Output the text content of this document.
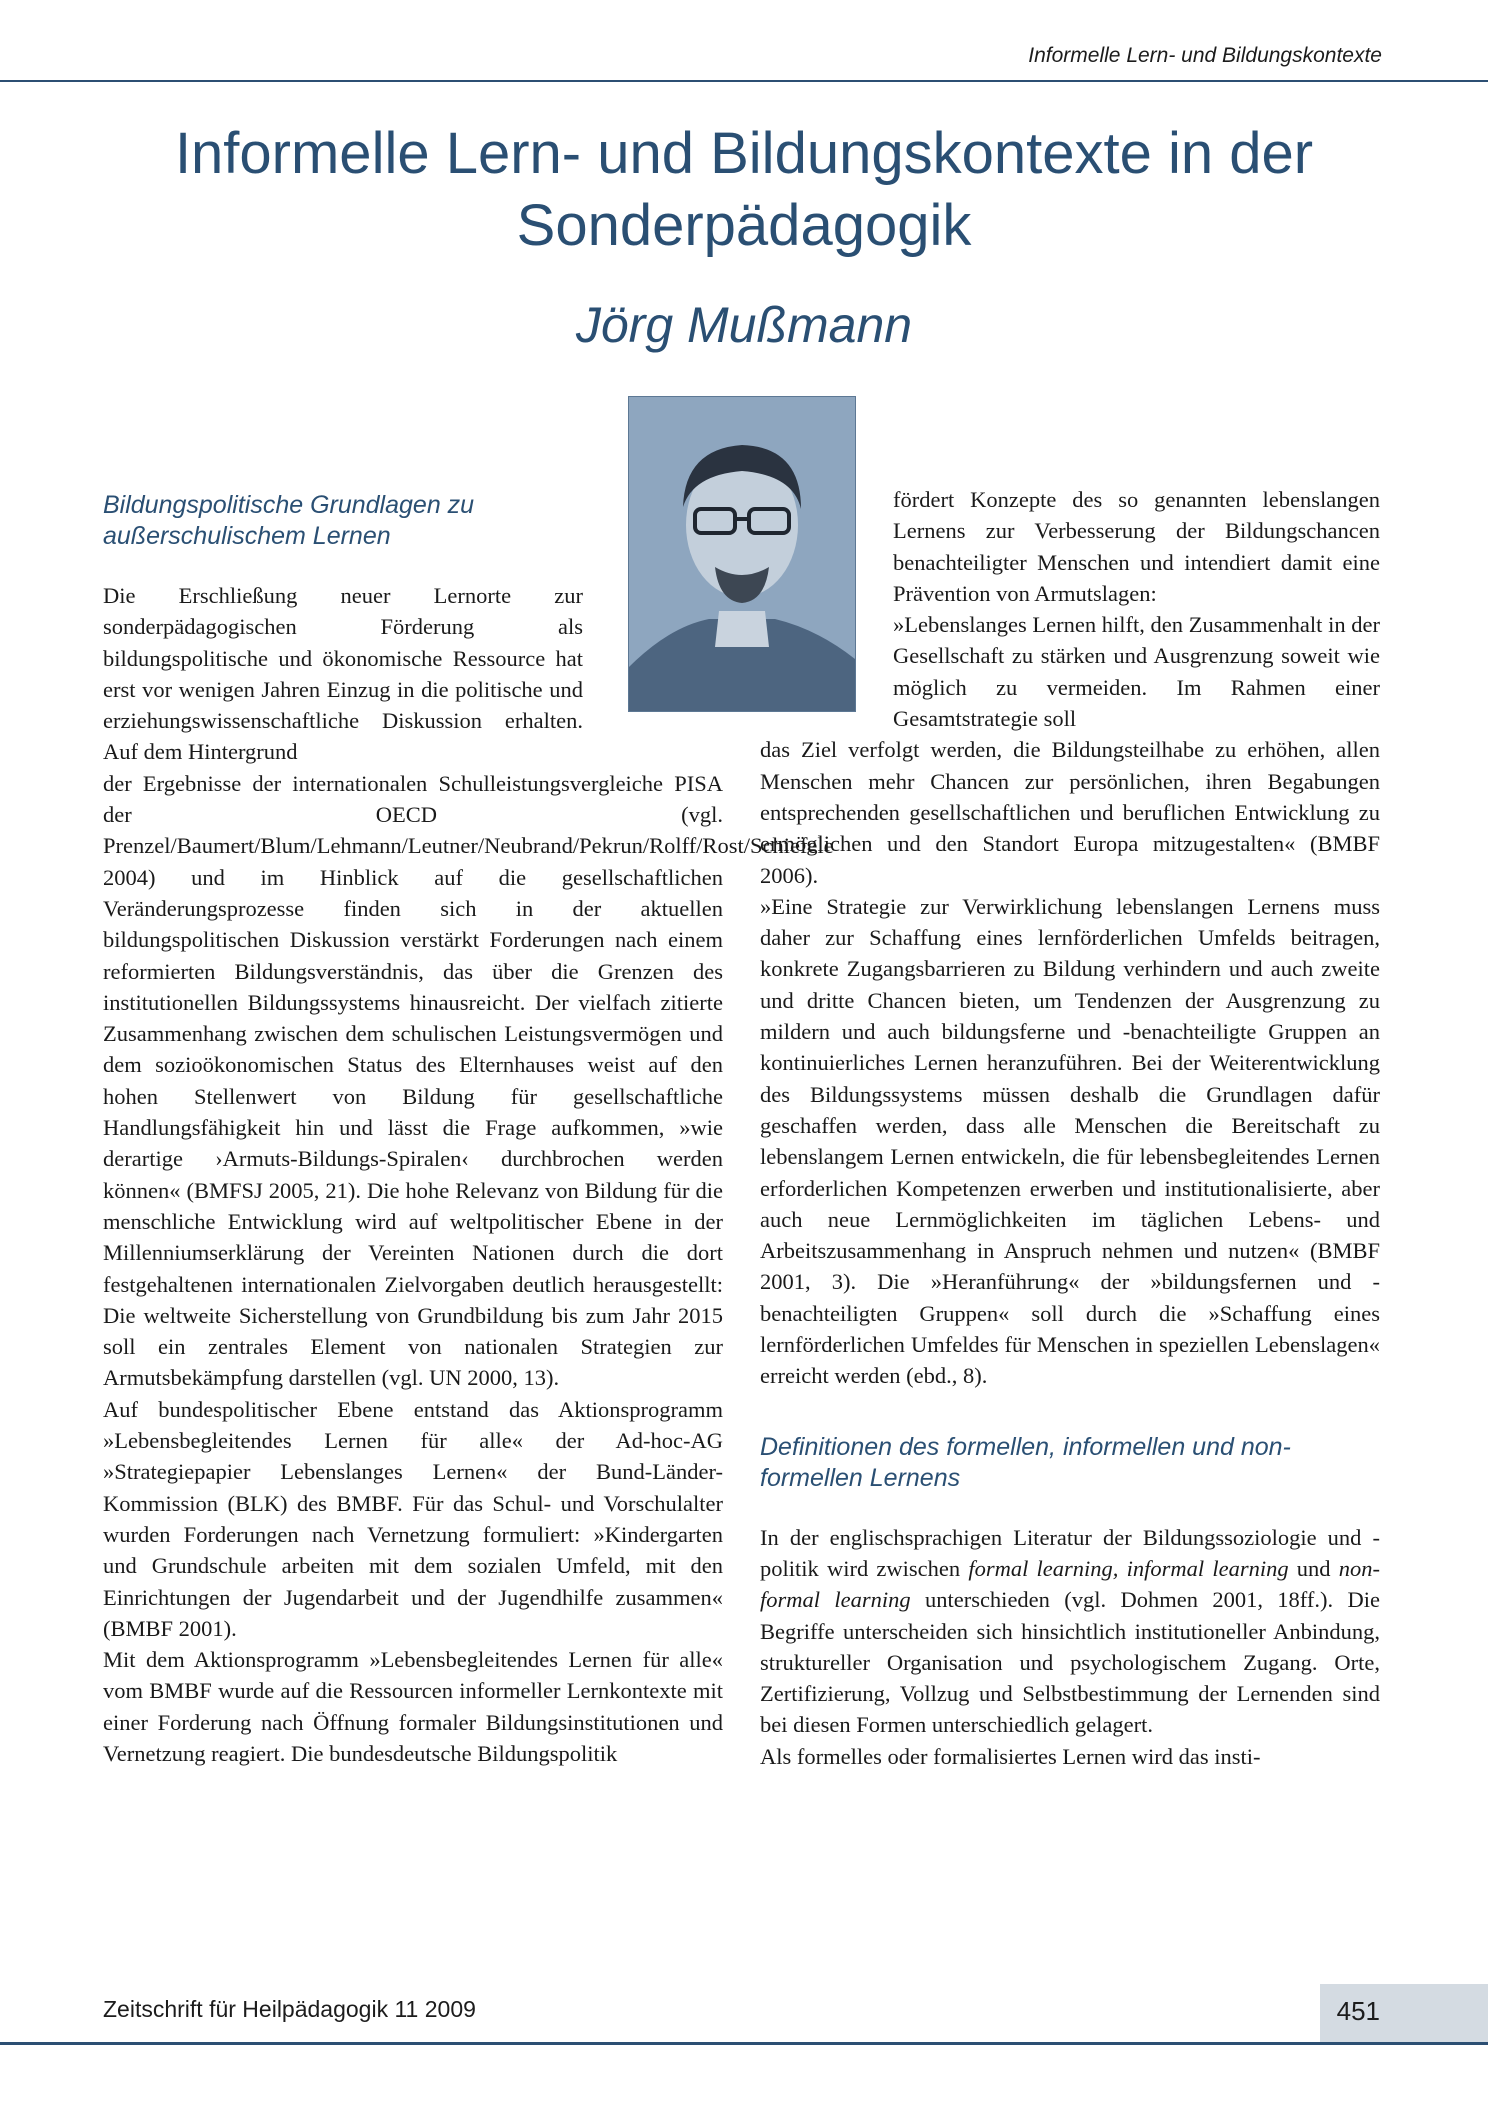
Informelle Lern- und Bildungskontexte
Informelle Lern- und Bildungskontexte in der
Sonderpädagogik
Jörg Mußmann
Bildungspolitische Grundlagen zu
außerschulischem Lernen

Die Erschließung neuer Lernorte zur sonderpädagogischen Förderung als bildungspolitische und ökonomische Ressource hat erst vor wenigen Jahren Einzug in die politische und erziehungswissenschaftliche Diskussion erhalten. Auf dem Hintergrund

der Ergebnisse der internationalen Schulleistungsvergleiche PISA der OECD (vgl. Prenzel/Baumert/Blum/Lehmann/Leutner/Neubrand/Pekrun/Rolff/Rost/Schiefele 2004) und im Hinblick auf die gesellschaftlichen Veränderungsprozesse finden sich in der aktuellen bildungspolitischen Diskussion verstärkt Forderungen nach einem reformierten Bildungsverständnis, das über die Grenzen des institutionellen Bildungssystems hinausreicht. Der vielfach zitierte Zusammenhang zwischen dem schulischen Leistungsvermögen und dem sozioökonomischen Status des Elternhauses weist auf den hohen Stellenwert von Bildung für gesellschaftliche Handlungsfähigkeit hin und lässt die Frage aufkommen, »wie derartige ›Armuts-Bildungs-Spiralen‹ durchbrochen werden können« (BMFSJ 2005, 21). Die hohe Relevanz von Bildung für die menschliche Entwicklung wird auf weltpolitischer Ebene in der Millenniumserklärung der Vereinten Nationen durch die dort festgehaltenen internationalen Zielvorgaben deutlich herausgestellt: Die weltweite Sicherstellung von Grundbildung bis zum Jahr 2015 soll ein zentrales Element von nationalen Strategien zur Armutsbekämpfung darstellen (vgl. UN 2000, 13).

Auf bundespolitischer Ebene entstand das Aktionsprogramm »Lebensbegleitendes Lernen für alle« der Ad-hoc-AG »Strategiepapier Lebenslanges Lernen« der Bund-Länder-Kommission (BLK) des BMBF. Für das Schul- und Vorschulalter wurden Forderungen nach Vernetzung formuliert: »Kindergarten und Grundschule arbeiten mit dem sozialen Umfeld, mit den Einrichtungen der Jugendarbeit und der Jugendhilfe zusammen« (BMBF 2001).

Mit dem Aktionsprogramm »Lebensbegleitendes Lernen für alle« vom BMBF wurde auf die Ressourcen informeller Lernkontexte mit einer Forderung nach Öffnung formaler Bildungsinstitutionen und Vernetzung reagiert. Die bundesdeutsche Bildungspolitik

fördert Konzepte des so genannten lebenslangen Lernens zur Verbesserung der Bildungschancen benachteiligter Menschen und intendiert damit eine Prävention von Armutslagen:

»Lebenslanges Lernen hilft, den Zusammenhalt in der Gesellschaft zu stärken und Ausgrenzung soweit wie möglich zu vermeiden. Im Rahmen einer Gesamtstrategie soll

das Ziel verfolgt werden, die Bildungsteilhabe zu erhöhen, allen Menschen mehr Chancen zur persönlichen, ihren Begabungen entsprechenden gesellschaftlichen und beruflichen Entwicklung zu ermöglichen und den Standort Europa mitzugestalten« (BMBF 2006).

»Eine Strategie zur Verwirklichung lebenslangen Lernens muss daher zur Schaffung eines lernförderlichen Umfelds beitragen, konkrete Zugangsbarrieren zu Bildung verhindern und auch zweite und dritte Chancen bieten, um Tendenzen der Ausgrenzung zu mildern und auch bildungsferne und -benachteiligte Gruppen an kontinuierliches Lernen heranzuführen. Bei der Weiterentwicklung des Bildungssystems müssen deshalb die Grundlagen dafür geschaffen werden, dass alle Menschen die Bereitschaft zu lebenslangem Lernen entwickeln, die für lebensbegleitendes Lernen erforderlichen Kompetenzen erwerben und institutionalisierte, aber auch neue Lernmöglichkeiten im täglichen Lebens- und Arbeitszusammenhang in Anspruch nehmen und nutzen« (BMBF 2001, 3). Die »Heranführung« der »bildungsfernen und -benachteiligten Gruppen« soll durch die »Schaffung eines lernförderlichen Umfeldes für Menschen in speziellen Lebenslagen« erreicht werden (ebd., 8).

Definitionen des formellen, informellen und non-
formellen Lernens

In der englischsprachigen Literatur der Bildungssoziologie und -politik wird zwischen formal learning, informal learning und non-formal learning unterschieden (vgl. Dohmen 2001, 18ff.). Die Begriffe unterscheiden sich hinsichtlich institutioneller Anbindung, struktureller Organisation und psychologischem Zugang. Orte, Zertifizierung, Vollzug und Selbstbestimmung der Lernenden sind bei diesen Formen unterschiedlich gelagert.

Als formelles oder formalisiertes Lernen wird das insti-

Zeitschrift für Heilpädagogik 11 2009	451
